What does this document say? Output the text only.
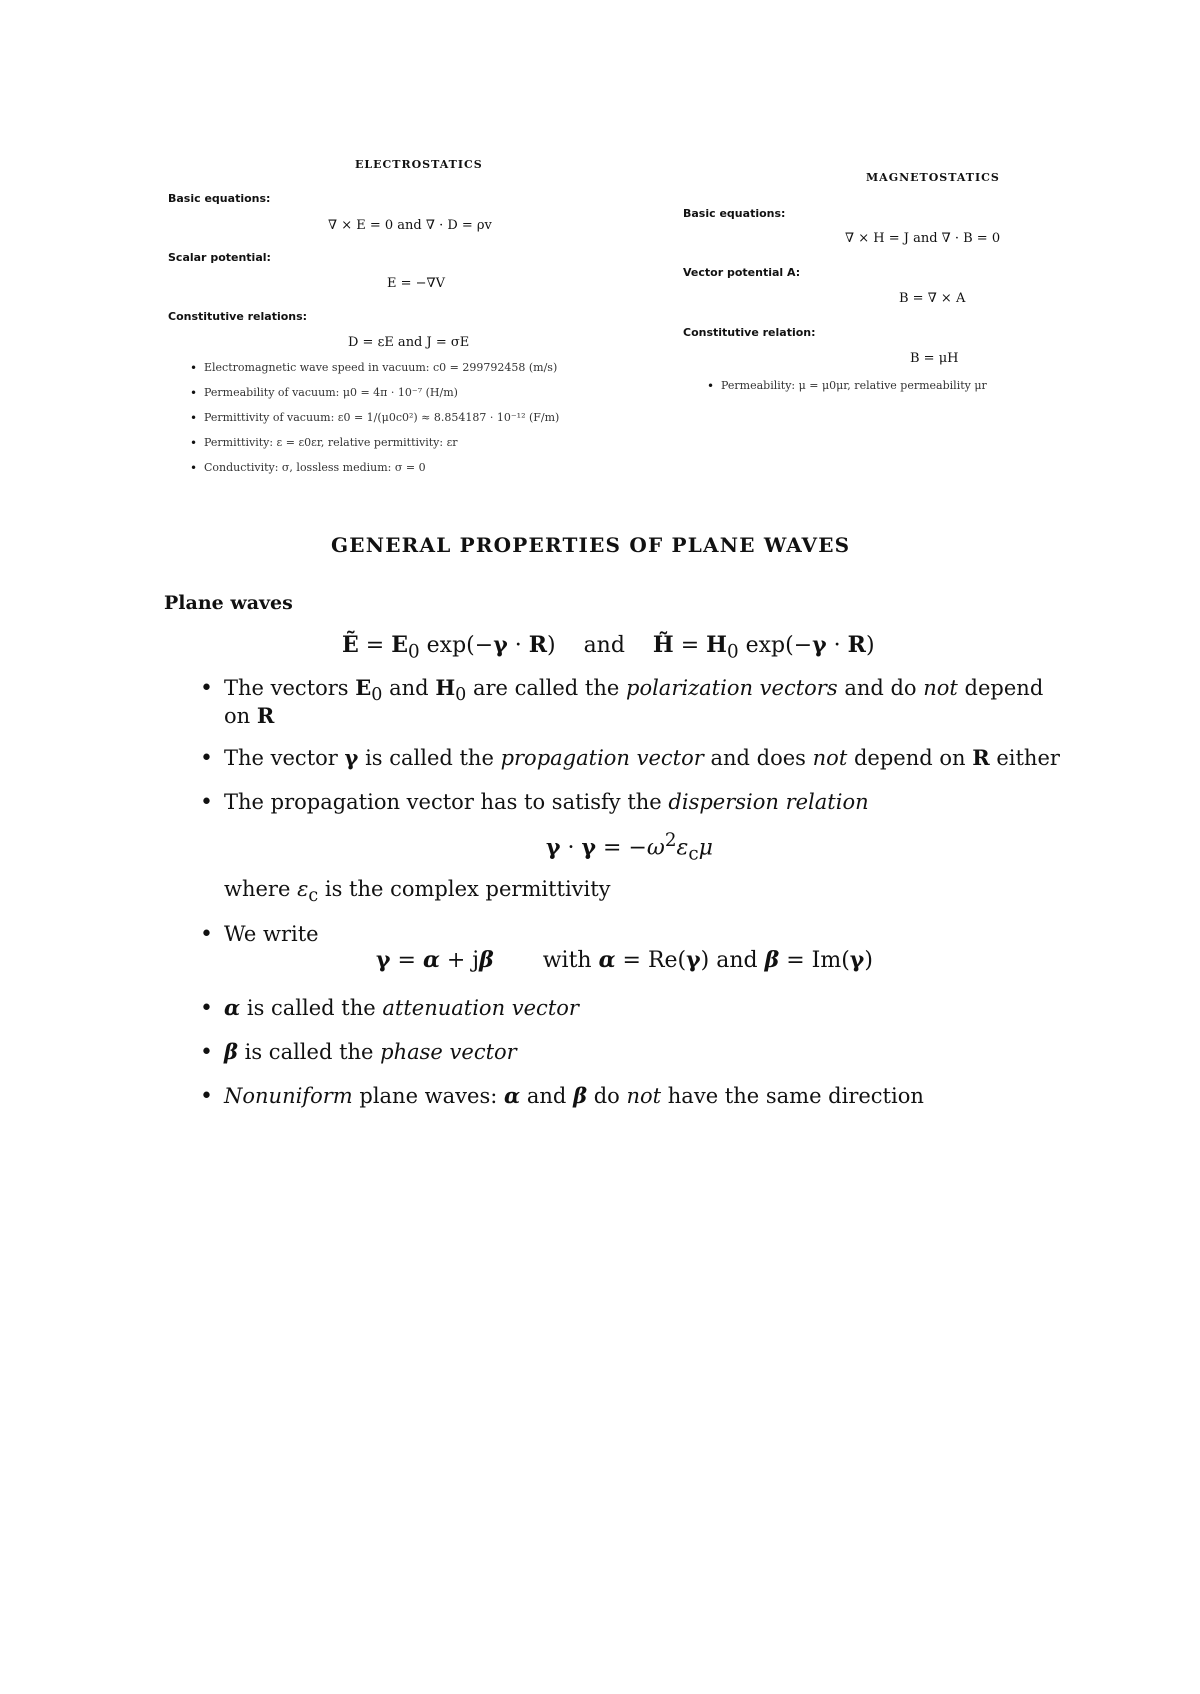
ELECTROSTATICS
Basic equations:
∇ × E = 0 and ∇ · D = ρv
Scalar potential:
E = −∇V
Constitutive relations:
D = εE and J = σE
• Electromagnetic wave speed in vacuum: c0 = 299792458 (m/s)
• Permeability of vacuum: μ0 = 4π · 10⁻⁷ (H/m)
• Permittivity of vacuum: ε0 = 1/(μ0c0²) ≈ 8.854187 · 10⁻¹² (F/m)
• Permittivity: ε = ε0εr, relative permittivity: εr
• Conductivity: σ, lossless medium: σ = 0
MAGNETOSTATICS
Basic equations:
∇ × H = J and ∇ · B = 0
Vector potential A:
B = ∇ × A
Constitutive relation:
B = μH
• Permeability: μ = μ0μr, relative permeability μr
GENERAL PROPERTIES OF PLANE WAVES
Plane waves
Ẽ = $E_0$ exp(−γ · R)    and H̃ = $H_0$ exp(−γ · R)
• The vectors $E_0$ and $H_0$ are called the polarization vectors and do not depend
on R
• The vector γ is called the propagation vector and does not depend on R either
• The propagation vector has to satisfy the dispersion relation
$\gamma \cdot \gamma = -\omega^2\varepsilon_c\mu$
where $\varepsilon_c$ is the complex permittivity
• We write
γ = α + jβ with α = Re(γ) and β = Im(γ)
• α is called the attenuation vector
• β is called the phase vector
• Nonuniform plane waves: α and β do not have the same direction
